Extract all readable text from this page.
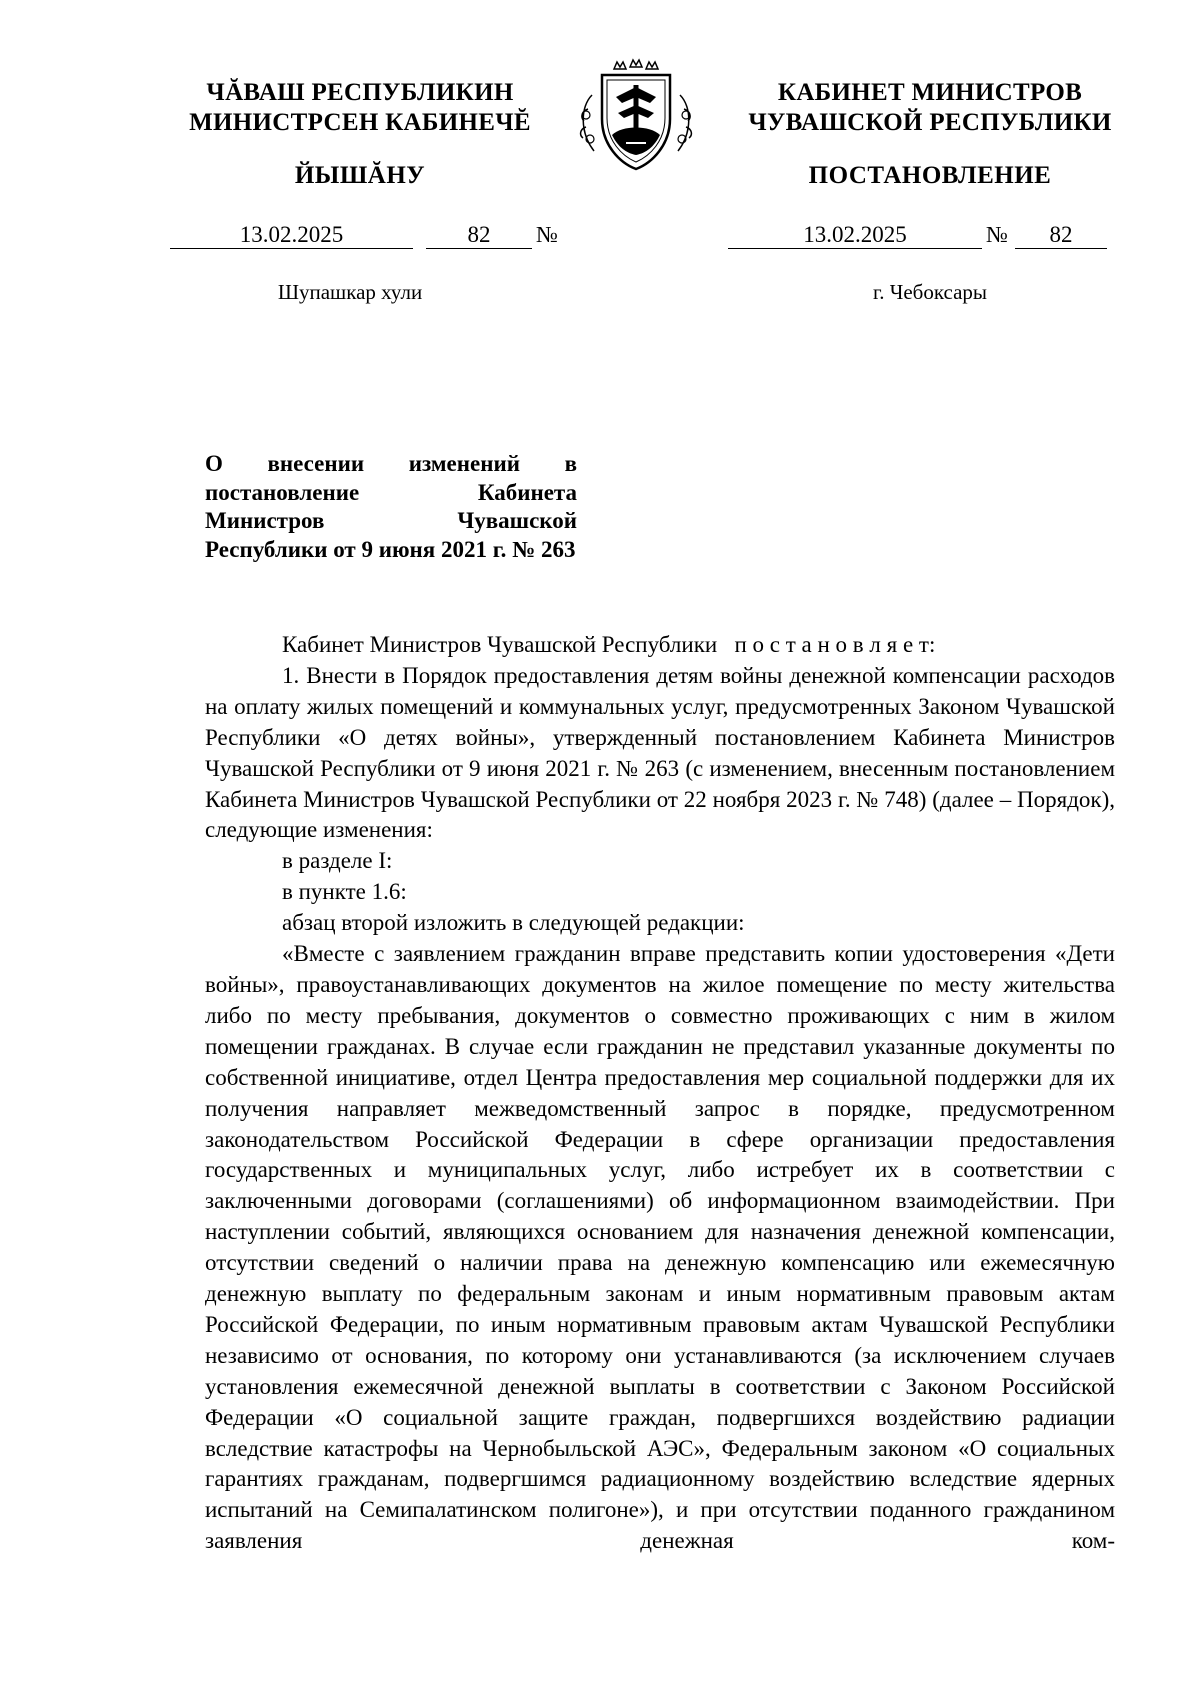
ЧĂВАШ РЕСПУБЛИКИН
МИНИСТРСЕН КАБИНЕЧĔ
ЙЫШĂНУ
КАБИНЕТ МИНИСТРОВ
ЧУВАШСКОЙ РЕСПУБЛИКИ
ПОСТАНОВЛЕНИЕ
13.02.2025	82	№	13.02.2025	№	82
Шупашкар хули	г. Чебоксары
О внесении изменений в постановление Кабинета Министров Чувашской Республики от 9 июня 2021 г. № 263

Кабинет Министров Чувашской Республики п о с т а н о в л я е т:

1. Внести в Порядок предоставления детям войны денежной компенсации расходов на оплату жилых помещений и коммунальных услуг, предусмотренных Законом Чувашской Республики «О детях войны», утвержденный постановлением Кабинета Министров Чувашской Республики от 9 июня 2021 г. № 263 (с изменением, внесенным постановлением Кабинета Министров Чувашской Республики от 22 ноября 2023 г. № 748) (далее – Порядок), следующие изменения:

в разделе I:

в пункте 1.6:

абзац второй изложить в следующей редакции:

«Вместе с заявлением гражданин вправе представить копии удостоверения «Дети войны», правоустанавливающих документов на жилое помещение по месту жительства либо по месту пребывания, документов о совместно проживающих с ним в жилом помещении гражданах. В случае если гражданин не представил указанные документы по собственной инициативе, отдел Центра предоставления мер социальной поддержки для их получения направляет межведомственный запрос в порядке, предусмотренном законодательством Российской Федерации в сфере организации предоставления государственных и муниципальных услуг, либо истребует их в соответствии с заключенными договорами (соглашениями) об информационном взаимодействии. При наступлении событий, являющихся основанием для назначения денежной компенсации, отсутствии сведений о наличии права на денежную компенсацию или ежемесячную денежную выплату по федеральным законам и иным нормативным правовым актам Российской Федерации, по иным нормативным правовым актам Чувашской Республики независимо от основания, по которому они устанавливаются (за исключением случаев установления ежемесячной денежной выплаты в соответствии с Законом Российской Федерации «О социальной защите граждан, подвергшихся воздействию радиации вследствие катастрофы на Чернобыльской АЭС», Федеральным законом «О социальных гарантиях гражданам, подвергшимся радиационному воздействию вследствие ядерных испытаний на Семипалатинском полигоне»), и при отсутствии поданного гражданином заявления денежная ком-
